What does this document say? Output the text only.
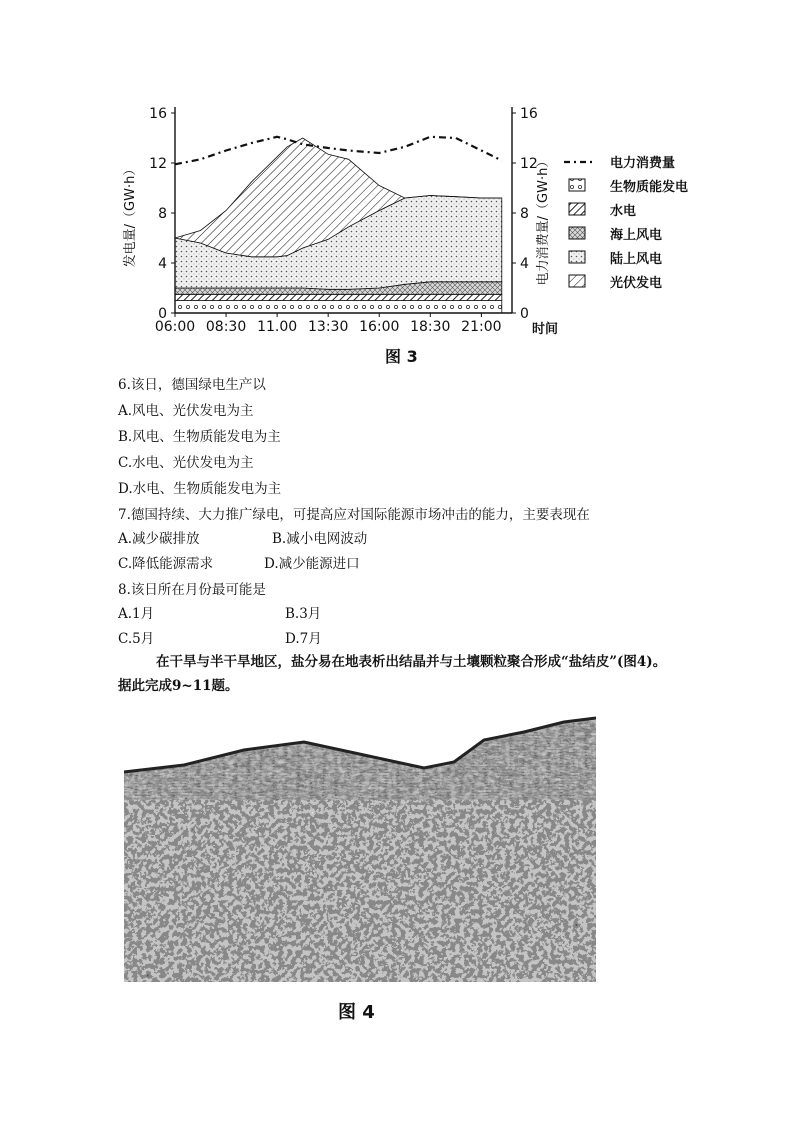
发电量/（GW·h）	电力消费量/（GW·h）
时间
0	0
4	4
8	8
12	12
16	16
06:00 08:30 11.00 13:30 16:00 18:30 21:00
电力消费量
生物质能发电
水电
海上风电
陆上风电
光伏发电
图 3
6.该日，德国绿电生产以
A.风电、光伏发电为主
B.风电、生物质能发电为主
C.水电、光伏发电为主
D.水电、生物质能发电为主
7.德国持续、大力推广绿电，可提高应对国际能源市场冲击的能力，主要表现在
A.减少碳排放	B.减小电网波动
C.降低能源需求	D.减少能源进口
8.该日所在月份最可能是
A.1月	B.3月
C.5月	D.7月
在干旱与半干旱地区，盐分易在地表析出结晶并与土壤颗粒聚合形成“盐结皮”(图4)。据此完成9~11题。
图 4
